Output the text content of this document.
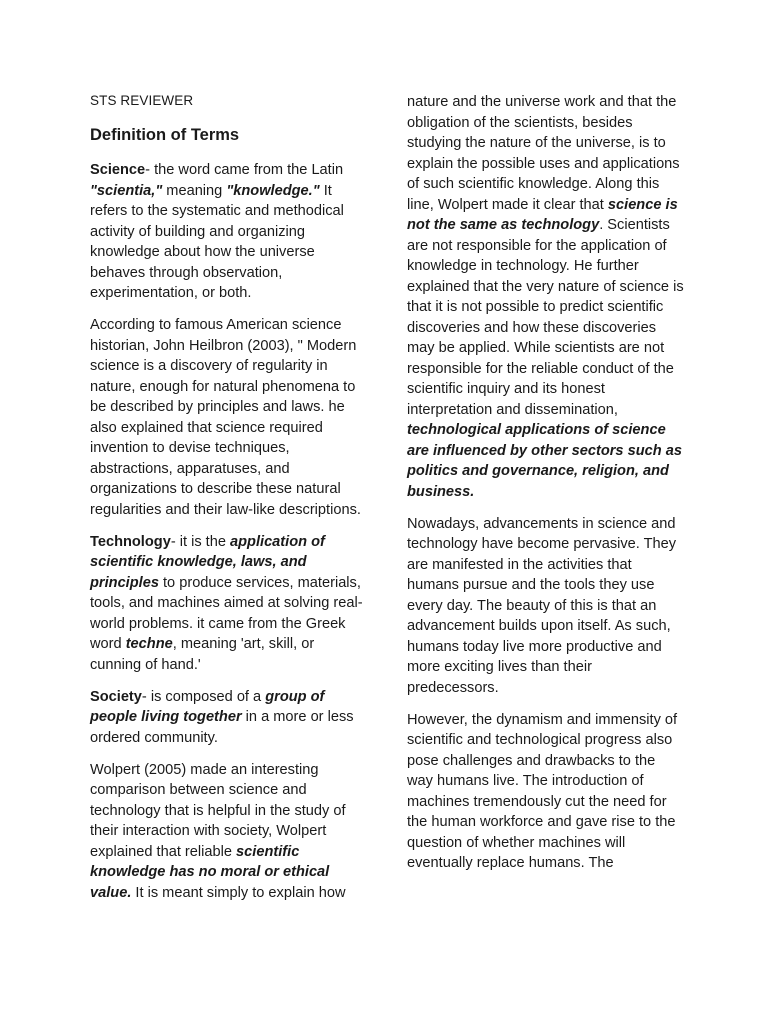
STS REVIEWER
Definition of Terms

Science- the word came from the Latin "scientia," meaning "knowledge." It refers to the systematic and methodical activity of building and organizing knowledge about how the universe behaves through observation, experimentation, or both.

According to famous American science historian, John Heilbron (2003), " Modern science is a discovery of regularity in nature, enough for natural phenomena to be described by principles and laws. he also explained that science required invention to devise techniques, abstractions, apparatuses, and organizations to describe these natural regularities and their law-like descriptions.

Technology- it is the application of scientific knowledge, laws, and principles to produce services, materials, tools, and machines aimed at solving real-world problems. it came from the Greek word techne, meaning 'art, skill, or cunning of hand.'

Society- is composed of a group of people living together in a more or less ordered community.

Wolpert (2005) made an interesting comparison between science and technology that is helpful in the study of their interaction with society, Wolpert explained that reliable scientific knowledge has no moral or ethical value. It is meant simply to explain how

nature and the universe work and that the obligation of the scientists, besides studying the nature of the universe, is to explain the possible uses and applications of such scientific knowledge. Along this line, Wolpert made it clear that science is not the same as technology. Scientists are not responsible for the application of knowledge in technology. He further explained that the very nature of science is that it is not possible to predict scientific discoveries and how these discoveries may be applied. While scientists are not responsible for the reliable conduct of the scientific inquiry and its honest interpretation and dissemination, technological applications of science are influenced by other sectors such as politics and governance, religion, and business.

Nowadays, advancements in science and technology have become pervasive. They are manifested in the activities that humans pursue and the tools they use every day. The beauty of this is that an advancement builds upon itself. As such, humans today live more productive and more exciting lives than their predecessors.

However, the dynamism and immensity of scientific and technological progress also pose challenges and drawbacks to the way humans live. The introduction of machines tremendously cut the need for the human workforce and gave rise to the question of whether machines will eventually replace humans. The
